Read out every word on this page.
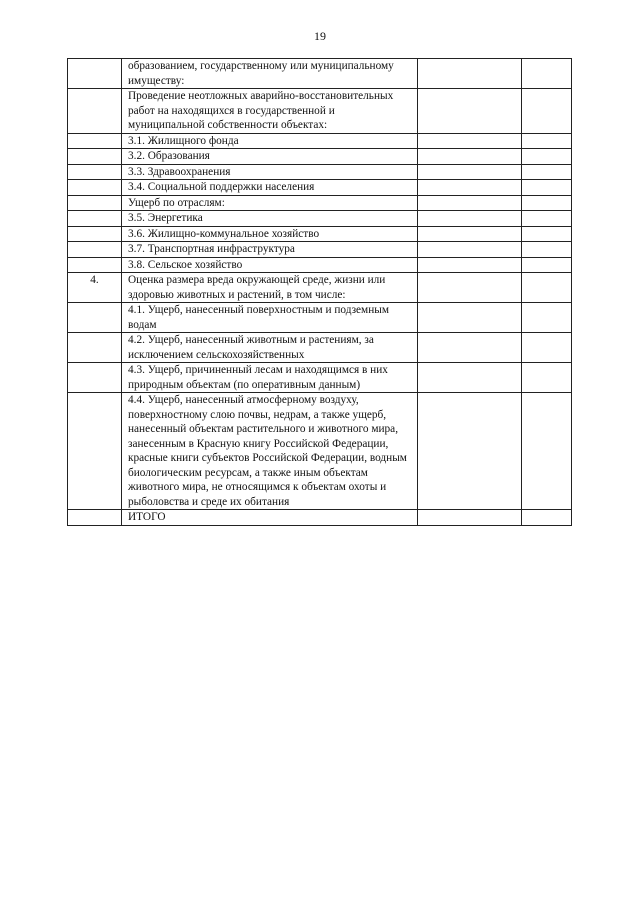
19
	образованием, государственному или муниципальному имуществу:		
	Проведение неотложных аварийно-восстановительных работ на находящихся в государственной и муниципальной собственности объектах:		
	3.1. Жилищного фонда		
	3.2. Образования		
	3.3. Здравоохранения		
	3.4. Социальной поддержки населения		
	Ущерб по отраслям:		
	3.5. Энергетика		
	3.6. Жилищно-коммунальное хозяйство		
	3.7. Транспортная инфраструктура		
	3.8. Сельское хозяйство		
4.	Оценка размера вреда окружающей среде, жизни или здоровью животных и растений, в том числе:		
	4.1. Ущерб, нанесенный поверхностным и подземным водам		
	4.2. Ущерб, нанесенный животным и растениям, за исключением сельскохозяйственных		
	4.3. Ущерб, причиненный лесам и находящимся в них природным объектам (по оперативным данным)		
	4.4. Ущерб, нанесенный атмосферному воздуху, поверхностному слою почвы, недрам, а также ущерб, нанесенный объектам растительного и животного мира, занесенным в Красную книгу Российской Федерации, красные книги субъектов Российской Федерации, водным биологическим ресурсам, а также иным объектам животного мира, не относящимся к объектам охоты и рыболовства и среде их обитания		
	ИТОГО		
